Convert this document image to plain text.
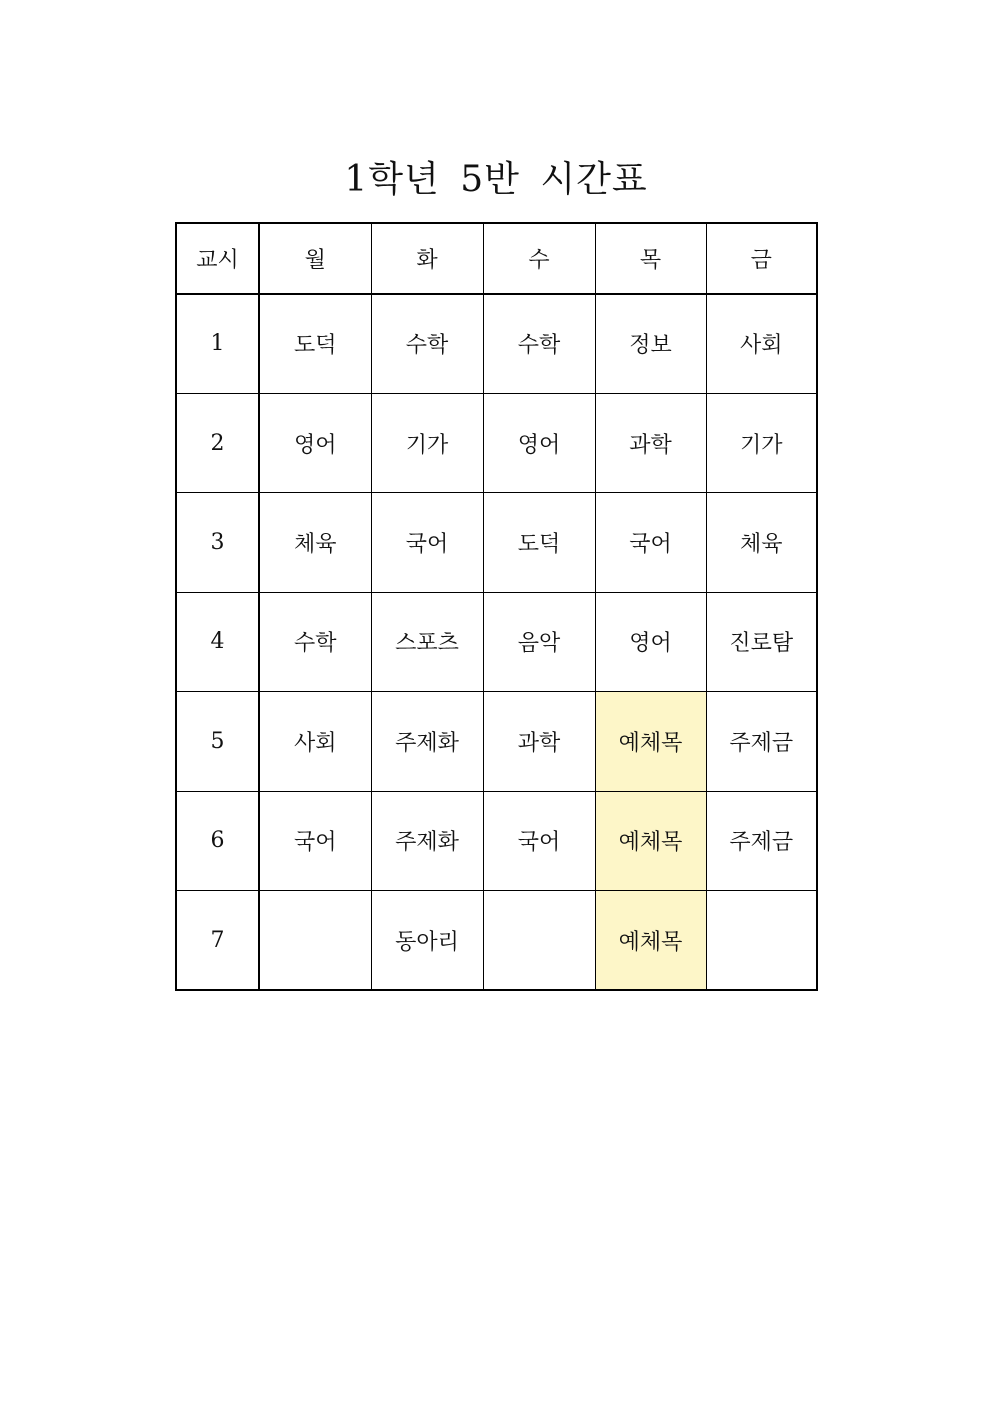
1학년 5반 시간표
교시	월	화	수	목	금
1	도덕	수학	수학	정보	사회
2	영어	기가	영어	과학	기가
3	체육	국어	도덕	국어	체육
4	수학	스포츠	음악	영어	진로탐
5	사회	주제화	과학	예체목	주제금
6	국어	주제화	국어	예체목	주제금
7		동아리		예체목	
